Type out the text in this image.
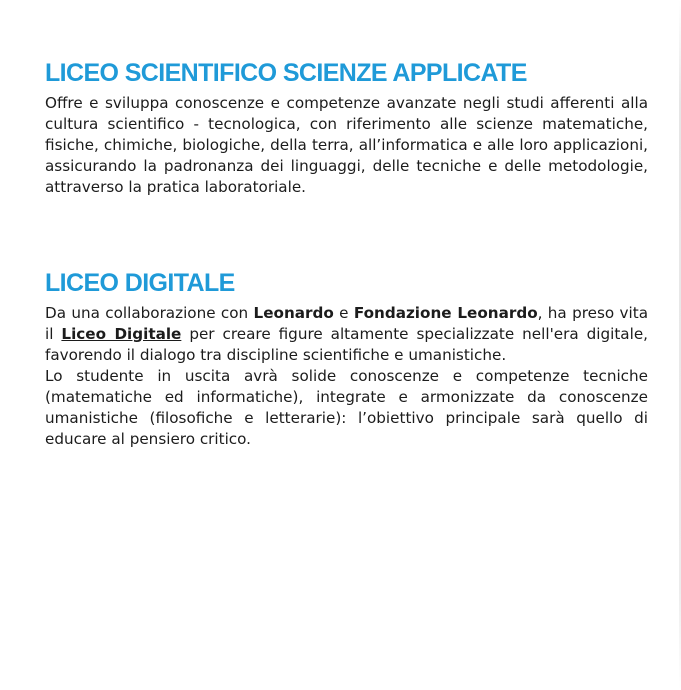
LICEO SCIENTIFICO SCIENZE APPLICATE

Offre e sviluppa conoscenze e competenze avanzate negli studi afferenti alla cultura scientifico - tecnologica, con riferimento alle scienze matematiche, fisiche, chimiche, biologiche, della terra, all’informatica e alle loro applicazioni, assicurando la padronanza dei linguaggi, delle tecniche e delle metodologie, attraverso la pratica laboratoriale.

LICEO DIGITALE

Da una collaborazione con Leonardo e Fondazione Leonardo, ha preso vita il Liceo Digitale per creare figure altamente specializzate nell'era digitale, favorendo il dialogo tra discipline scientifiche e umanistiche.

Lo studente in uscita avrà solide conoscenze e competenze tecniche (matematiche ed informatiche), integrate e armonizzate da conoscenze umanistiche (filosofiche e letterarie): l’obiettivo principale sarà quello di educare al pensiero critico.
